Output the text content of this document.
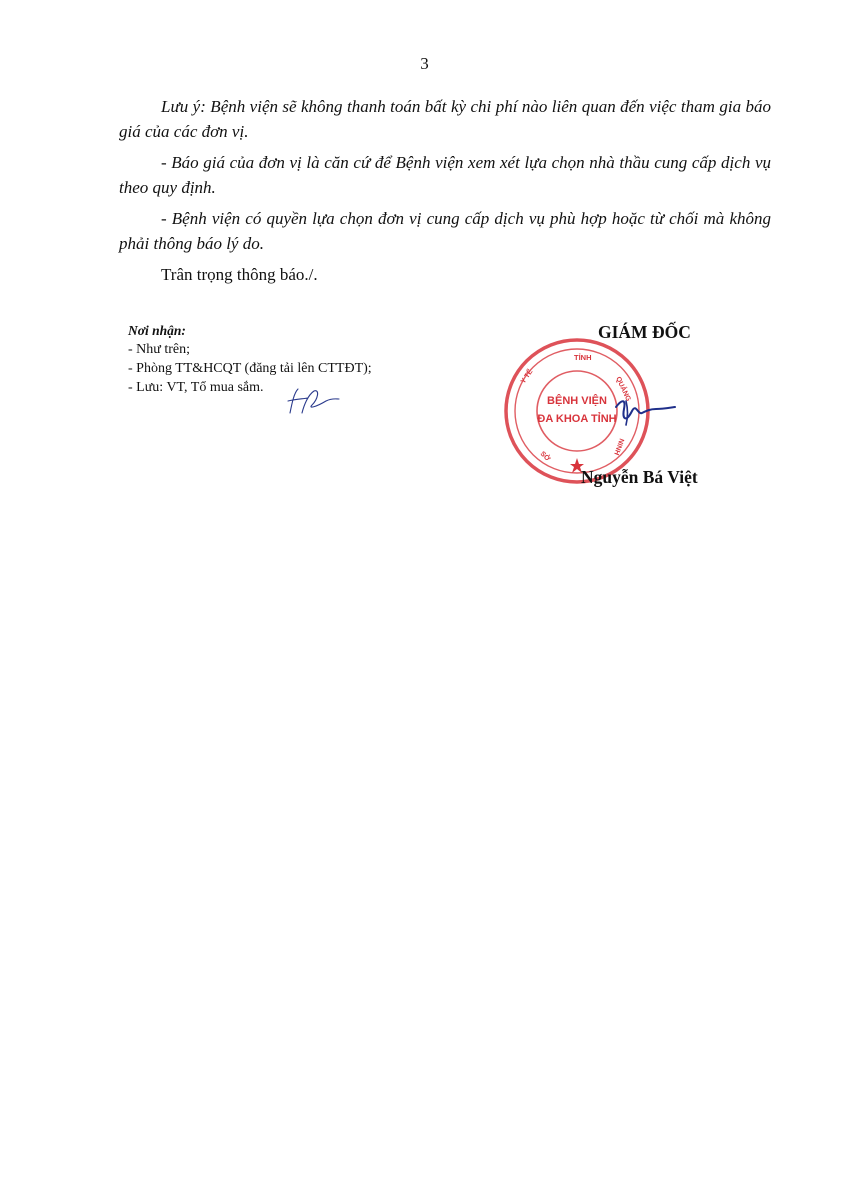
3

Lưu ý: Bệnh viện sẽ không thanh toán bất kỳ chi phí nào liên quan đến việc tham gia báo giá của các đơn vị.

- Báo giá của đơn vị là căn cứ để Bệnh viện xem xét lựa chọn nhà thầu cung cấp dịch vụ theo quy định.

- Bệnh viện có quyền lựa chọn đơn vị cung cấp dịch vụ phù hợp hoặc từ chối mà không phải thông báo lý do.

Trân trọng thông báo./.

Nơi nhận:
- Như trên;
- Phòng TT&HCQT (đăng tải lên CTTĐT);
- Lưu: VT, Tổ mua sắm.
TỈNH
QUẢNG
NINH
Y TẾ
SỞ
BỆNH VIỆN
ĐA KHOA TỈNH
GIÁM ĐỐC
Nguyễn Bá Việt
